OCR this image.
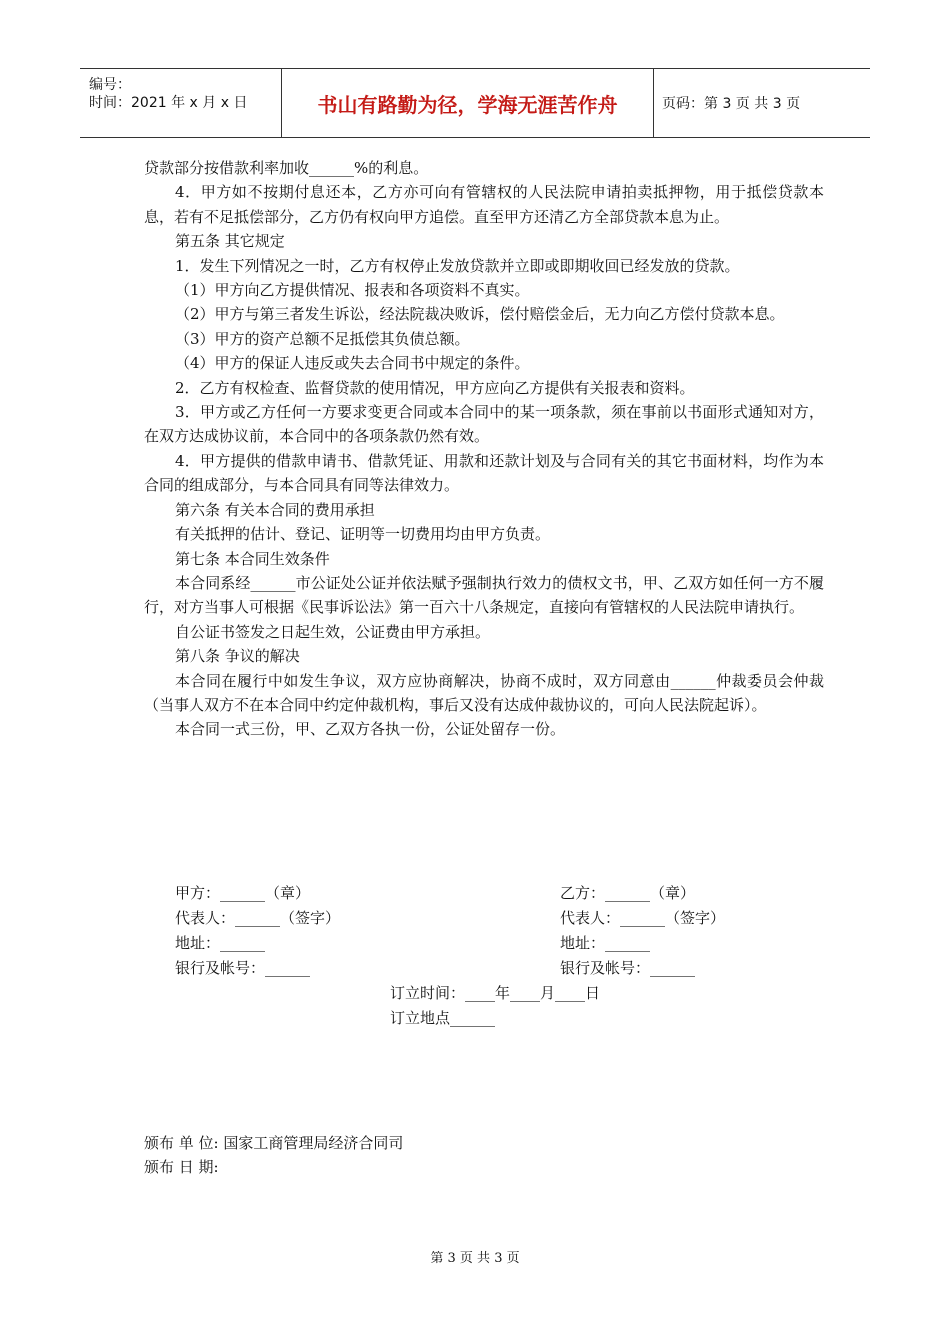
编号：
时间：2021 年 x 月 x 日	书山有路勤为径，学海无涯苦作舟	页码：第 3 页 共 3 页

贷款部分按借款利率加收______%的利息。

4．甲方如不按期付息还本，乙方亦可向有管辖权的人民法院申请拍卖抵押物，用于抵偿贷款本息，若有不足抵偿部分，乙方仍有权向甲方追偿。直至甲方还清乙方全部贷款本息为止。

第五条 其它规定

1．发生下列情况之一时，乙方有权停止发放贷款并立即或即期收回已经发放的贷款。

（1）甲方向乙方提供情况、报表和各项资料不真实。

（2）甲方与第三者发生诉讼，经法院裁决败诉，偿付赔偿金后，无力向乙方偿付贷款本息。

（3）甲方的资产总额不足抵偿其负债总额。

（4）甲方的保证人违反或失去合同书中规定的条件。

2．乙方有权检查、监督贷款的使用情况，甲方应向乙方提供有关报表和资料。

3．甲方或乙方任何一方要求变更合同或本合同中的某一项条款，须在事前以书面形式通知对方，在双方达成协议前，本合同中的各项条款仍然有效。

4．甲方提供的借款申请书、借款凭证、用款和还款计划及与合同有关的其它书面材料，均作为本合同的组成部分，与本合同具有同等法律效力。

第六条 有关本合同的费用承担

有关抵押的估计、登记、证明等一切费用均由甲方负责。

第七条 本合同生效条件

本合同系经______市公证处公证并依法赋予强制执行效力的债权文书，甲、乙双方如任何一方不履行，对方当事人可根据《民事诉讼法》第一百六十八条规定，直接向有管辖权的人民法院申请执行。

自公证书签发之日起生效，公证费由甲方承担。

第八条 争议的解决

本合同在履行中如发生争议，双方应协商解决，协商不成时，双方同意由______仲裁委员会仲裁（当事人双方不在本合同中约定仲裁机构，事后又没有达成仲裁协议的，可向人民法院起诉）。

本合同一式三份，甲、乙双方各执一份，公证处留存一份。

甲方：______（章）
代表人：______（签字）
地址：______
银行及帐号：______
乙方：______（章）
代表人：______（签字）
地址：______
银行及帐号：______
订立时间：____年____月____日
订立地点______
颁布 单 位: 国家工商管理局经济合同司
颁布 日 期:
第 3 页 共 3 页
